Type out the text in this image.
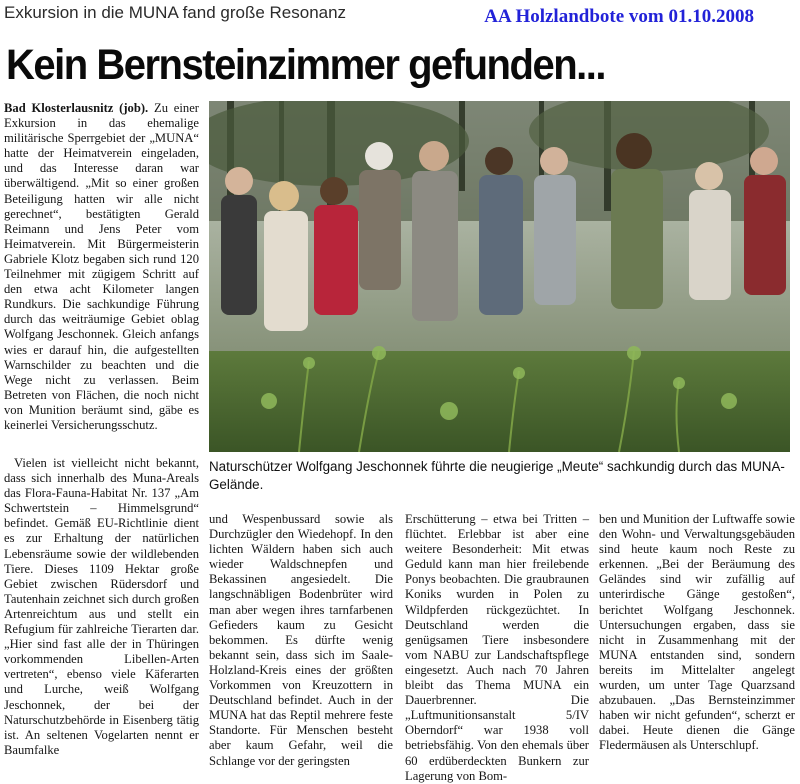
Exkursion in die MUNA fand große Resonanz	AA Holzlandbote vom 01.10.2008
Kein Bernsteinzimmer gefunden...

Bad Klosterlausnitz (job). Zu einer Exkursion in das ehemalige militärische Sperrgebiet der „MUNA“ hatte der Heimatverein eingeladen, und das Interesse daran war überwältigend. „Mit so einer großen Beteiligung hatten wir alle nicht gerechnet“, bestätigten Gerald Reimann und Jens Peter vom Heimatverein. Mit Bürgermeisterin Gabriele Klotz begaben sich rund 120 Teilnehmer mit zügigem Schritt auf den etwa acht Kilometer langen Rundkurs. Die sachkundige Führung durch das weiträumige Gebiet oblag Wolfgang Jeschonnek. Gleich anfangs wies er darauf hin, die aufgestellten Warnschilder zu beachten und die Wege nicht zu verlassen. Beim Betreten von Flächen, die noch nicht von Munition beräumt sind, gäbe es keinerlei Versicherungsschutz.

Naturschützer Wolfgang Jeschonnek führte die neugierige „Meute“ sachkundig durch das MUNA-Gelände.

Vielen ist vielleicht nicht bekannt, dass sich innerhalb des Muna-Areals das Flora-Fauna-Habitat Nr. 137 „Am Schwertstein – Himmelsgrund“ befindet. Gemäß EU-Richtlinie dient es zur Erhaltung der natürlichen Lebensräume sowie der wildlebenden Tiere. Dieses 1109 Hektar große Gebiet zwischen Rüdersdorf und Tautenhain zeichnet sich durch großen Artenreichtum aus und stellt ein Refugium für zahlreiche Tierarten dar. „Hier sind fast alle der in Thüringen vorkommenden Libellen-Arten vertreten“, ebenso viele Käferarten und Lurche, weiß Wolfgang Jeschonnek, der bei der Naturschutzbehörde in Eisenberg tätig ist. An seltenen Vogelarten nennt er Baumfalke

und Wespenbussard sowie als Durchzügler den Wiedehopf. In den lichten Wäldern haben sich auch wieder Waldschnepfen und Bekassinen angesiedelt. Die langschnäbligen Bodenbrüter wird man aber wegen ihres tarnfarbenen Gefieders kaum zu Gesicht bekommen. Es dürfte wenig bekannt sein, dass sich im Saale-Holzland-Kreis eines der größten Vorkommen von Kreuzottern in Deutschland befindet. Auch in der MUNA hat das Reptil mehrere feste Standorte. Für Menschen besteht aber kaum Gefahr, weil die Schlange vor der geringsten

Erschütterung – etwa bei Tritten – flüchtet. Erlebbar ist aber eine weitere Besonderheit: Mit etwas Geduld kann man hier freilebende Ponys beobachten. Die graubraunen Koniks wurden in Polen zu Wildpferden rückgezüchtet. In Deutschland werden die genügsamen Tiere insbesondere vom NABU zur Landschaftspflege eingesetzt. Auch nach 70 Jahren bleibt das Thema MUNA ein Dauerbrenner. Die „Luftmunitionsanstalt 5/IV Oberndorf“ war 1938 voll betriebsfähig. Von den ehemals über 60 erdüberdeckten Bunkern zur Lagerung von Bom-

ben und Munition der Luftwaffe sowie den Wohn- und Verwaltungsgebäuden sind heute kaum noch Reste zu erkennen. „Bei der Beräumung des Geländes sind wir zufällig auf unterirdische Gänge gestoßen“, berichtet Wolfgang Jeschonnek. Untersuchungen ergaben, dass sie nicht in Zusammenhang mit der MUNA entstanden sind, sondern bereits im Mittelalter angelegt wurden, um unter Tage Quarzsand abzubauen. „Das Bernsteinzimmer haben wir nicht gefunden“, scherzt er dabei. Heute dienen die Gänge Fledermäusen als Unterschlupf.
